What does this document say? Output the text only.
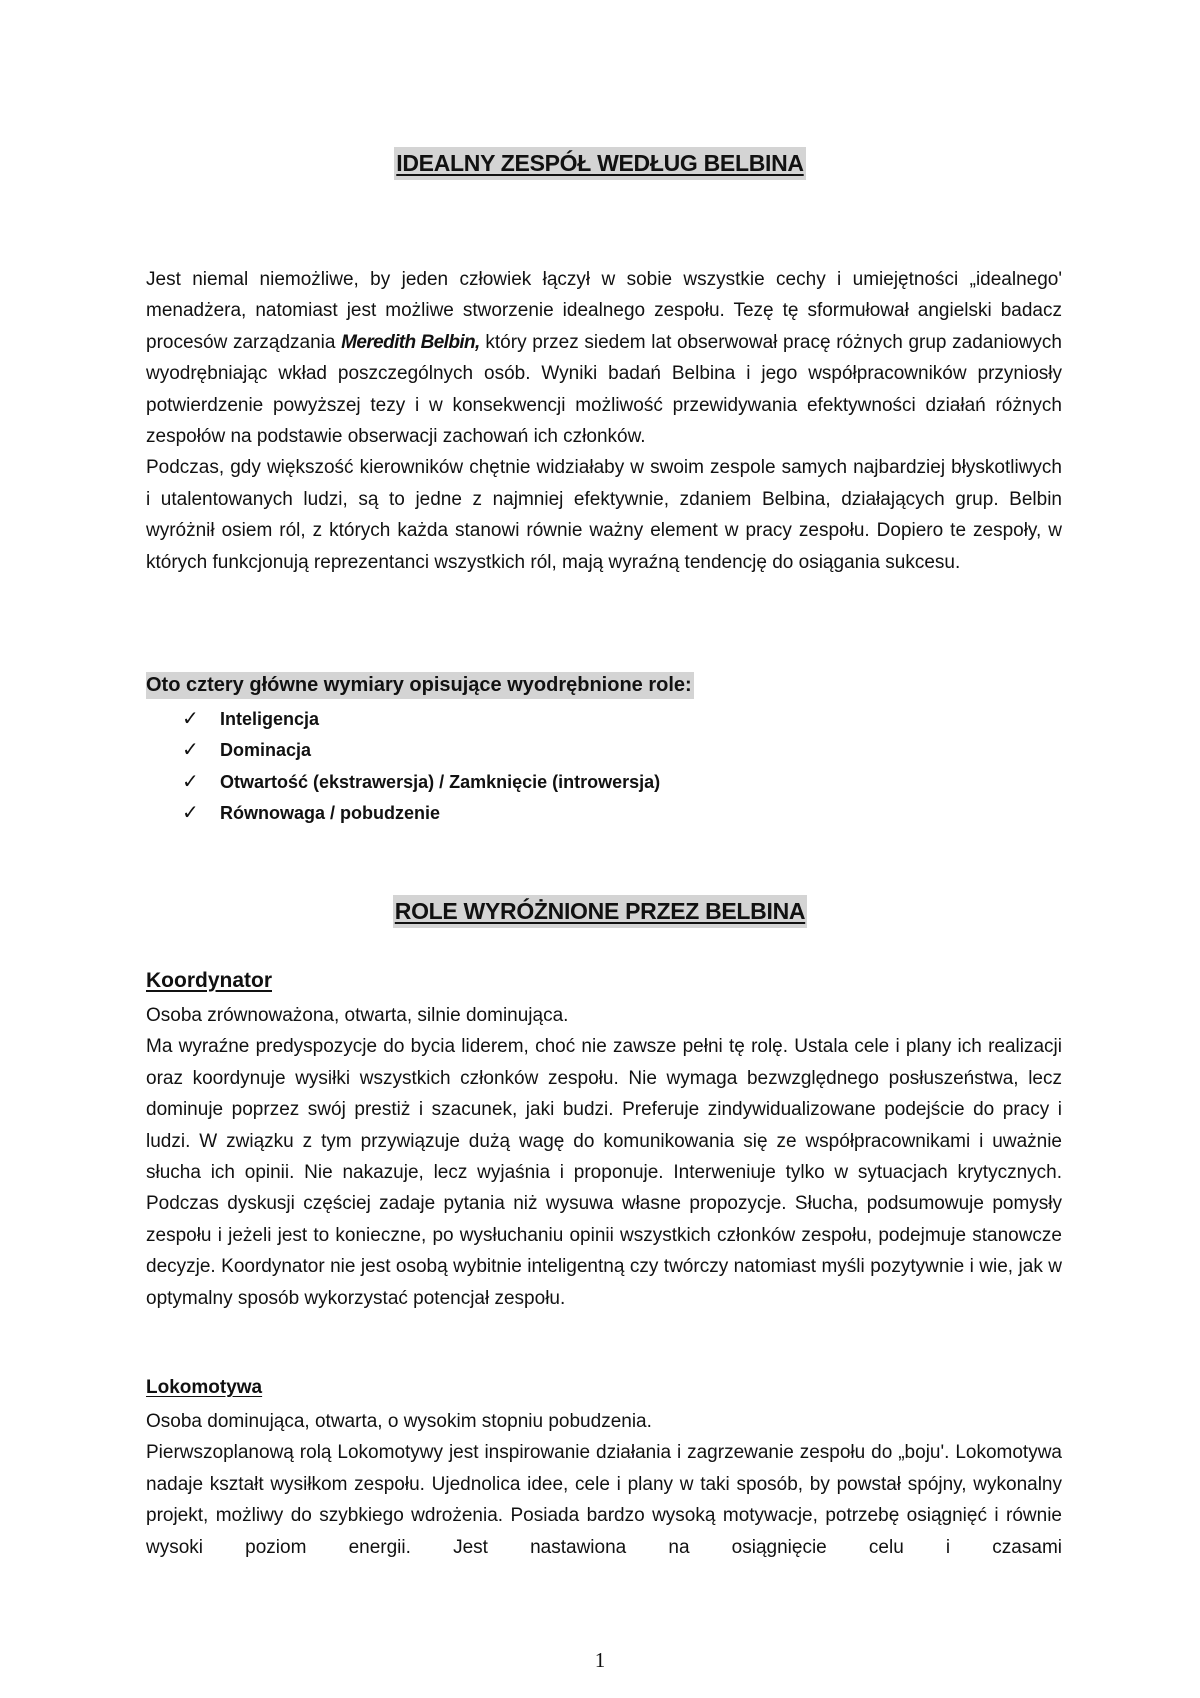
IDEALNY ZESPÓŁ WEDŁUG BELBINA

Jest niemal niemożliwe, by jeden człowiek łączył w sobie wszystkie cechy i umiejętności „idealnego' menadżera, natomiast jest możliwe stworzenie idealnego zespołu. Tezę tę sformułował angielski badacz procesów zarządzania Meredith Belbin, który przez siedem lat obserwował pracę różnych grup zadaniowych wyodrębniając wkład poszczególnych osób. Wyniki badań Belbina i jego współpracowników przyniosły potwierdzenie powyższej tezy i w konsekwencji możliwość przewidywania efektywności działań różnych zespołów na podstawie obserwacji zachowań ich członków.

Podczas, gdy większość kierowników chętnie widziałaby w swoim zespole samych najbardziej błyskotliwych i utalentowanych ludzi, są to jedne z najmniej efektywnie, zdaniem Belbina, działających grup. Belbin wyróżnił osiem ról, z których każda stanowi równie ważny element w pracy zespołu. Dopiero te zespoły, w których funkcjonują reprezentanci wszystkich ról, mają wyraźną tendencję do osiągania sukcesu.

Oto cztery główne wymiary opisujące wyodrębnione role:
✓	Inteligencja
✓	Dominacja
✓	Otwartość (ekstrawersja) / Zamknięcie (introwersja)
✓	Równowaga / pobudzenie
ROLE WYRÓŻNIONE PRZEZ BELBINA
Koordynator

Osoba zrównoważona, otwarta, silnie dominująca.

Ma wyraźne predyspozycje do bycia liderem, choć nie zawsze pełni tę rolę. Ustala cele i plany ich realizacji oraz koordynuje wysiłki wszystkich członków zespołu. Nie wymaga bezwzględnego posłuszeństwa, lecz dominuje poprzez swój prestiż i szacunek, jaki budzi. Preferuje zindywidualizowane podejście do pracy i ludzi. W związku z tym przywiązuje dużą wagę do komunikowania się ze współpracownikami i uważnie słucha ich opinii. Nie nakazuje, lecz wyjaśnia i proponuje. Interweniuje tylko w sytuacjach krytycznych. Podczas dyskusji częściej zadaje pytania niż wysuwa własne propozycje. Słucha, podsumowuje pomysły zespołu i jeżeli jest to konieczne, po wysłuchaniu opinii wszystkich członków zespołu, podejmuje stanowcze decyzje. Koordynator nie jest osobą wybitnie inteligentną czy twórczy natomiast myśli pozytywnie i wie, jak w optymalny sposób wykorzystać potencjał zespołu.

Lokomotywa

Osoba dominująca, otwarta, o wysokim stopniu pobudzenia.

Pierwszoplanową rolą Lokomotywy jest inspirowanie działania i zagrzewanie zespołu do „boju'. Lokomotywa nadaje kształt wysiłkom zespołu. Ujednolica idee, cele i plany w taki sposób, by powstał spójny, wykonalny projekt, możliwy do szybkiego wdrożenia. Posiada bardzo wysoką motywacje, potrzebę osiągnięć i równie wysoki poziom energii. Jest nastawiona na osiągnięcie celu i czasami

1
